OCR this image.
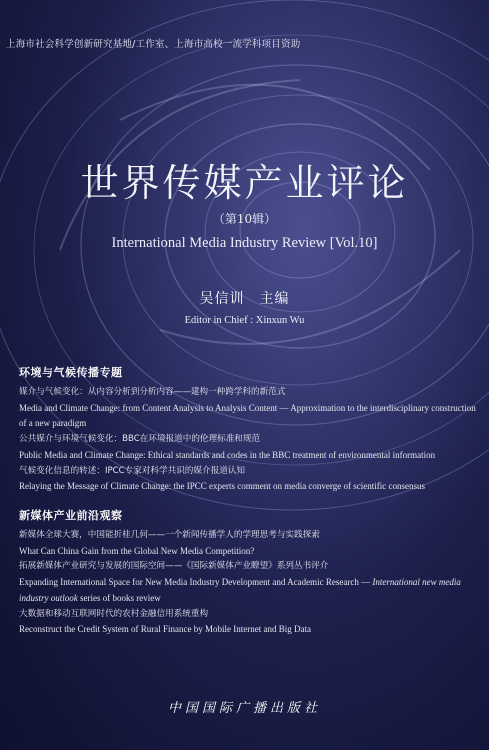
上海市社会科学创新研究基地/工作室、上海市高校一流学科项目资助
世界传媒产业评论
（第10辑）
International Media Industry Review [Vol.10]
吴信训　主编
Editor in Chief : Xinxun Wu
环境与气候传播专题
媒介与气候变化：从内容分析到分析内容——建构一种跨学科的新范式
Media and Climate Change: from Content Analysis to Analysis Content — Approximation to the interdisciplinary construction of a new paradigm
公共媒介与环境气候变化：BBC在环境报道中的伦理标准和规范
Public Media and Climate Change: Ethical standards and codes in the BBC treatment of environmental information
气候变化信息的转述：IPCC专家对科学共识的媒介报道认知
Relaying the Message of Climate Change: the IPCC experts comment on media converge of scientific consensus
新媒体产业前沿观察
新媒体全球大赛，中国能折桂几何——一个新闻传播学人的学理思考与实践探索
What Can China Gain from the Global New Media Competition?
拓展新媒体产业研究与发展的国际空间——《国际新媒体产业瞭望》系列丛书评介
Expanding International Space for New Media Industry Development and Academic Research — International new media industry outlook series of books review
大数据和移动互联网时代的农村金融信用系统重构
Reconstruct the Credit System of Rural Finance by Mobile Internet and Big Data
中国国际广播出版社
